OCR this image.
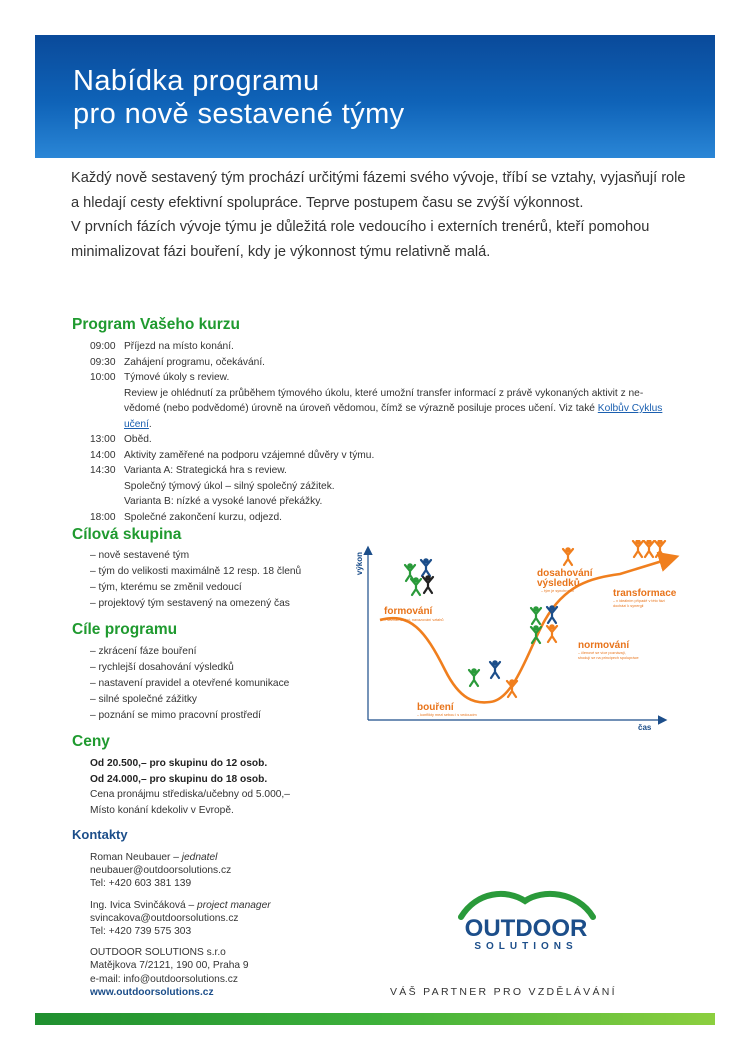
Nabídka programu
pro nově sestavené týmy

Každý nově sestavený tým prochází určitými fázemi svého vývoje, tříbí se vztahy, vyjasňují role a hledají cesty efektivní spolupráce. Teprve postupem času se zvýší výkonnost.

V prvních fázích vývoje týmu je důležitá role vedoucího i externích trenérů, kteří pomohou minimalizovat fázi bouření, kdy je výkonnost týmu relativně malá.

Program Vašeho kurzu
09:00 Příjezd na místo konání.
09:30 Zahájení programu, očekávání.
10:00 Týmové úkoly s review.
Review je ohlédnutí za průběhem týmového úkolu, které umožní transfer informací z právě vykonaných aktivit z ne-vědomé (nebo podvědomé) úrovně na úroveň vědomou, čímž se výrazně posiluje proces učení. Viz také Kolbův Cyklus učení.
13:00 Oběd.
14:00 Aktivity zaměřené na podporu vzájemné důvěry v týmu.
14:30 Varianta A: Strategická hra s review.
Společný týmový úkol – silný společný zážitek.
Varianta B: nízké a vysoké lanové překážky.
18:00 Společné zakončení kurzu, odjezd.
Cílová skupina
– nově sestavené tým
– tým do velikosti maximálně 12 resp. 18 členů
– tým, kterému se změnil vedoucí
– projektový tým sestavený na omezený čas
Cíle programu
– zkrácení fáze bouření
– rychlejší dosahování výsledků
– nastavení pravidel a otevřené komunikace
– silné společné zážitky
– poznání se mimo pracovní prostředí
Ceny
Od 20.500,– pro skupinu do 12 osob.
Od 24.000,– pro skupinu do 18 osob.
Cena pronájmu střediska/učebny od 5.000,–
Místo konání kdekoliv v Evropě.
Kontakty
Roman Neubauer – jednatel
neubauer@outdoorsolutions.cz
Tel: +420 603 381 139
Ing. Ivica Svinčáková – project manager
svincakova@outdoorsolutions.cz
Tel: +420 739 575 303
OUTDOOR SOLUTIONS s.r.o
Matějkova 7/2121, 190 00, Praha 9
e-mail: info@outdoorsolutions.cz
www.outdoorsolutions.cz
výkon
čas
formování
– seznamování, navazování vztahů
bouření
– konflikty mezi sebou i s vedoucím
normování
– členové se více poznávají,
shodují se na principech spolupráce
dosahování
výsledků
– tým je synchronní	transformace
– v ideálním případě v této fázi
dochází k synergii
OUTDOOR
SOLUTIONS
VÁŠ PARTNER PRO VZDĚLÁVÁNÍ
